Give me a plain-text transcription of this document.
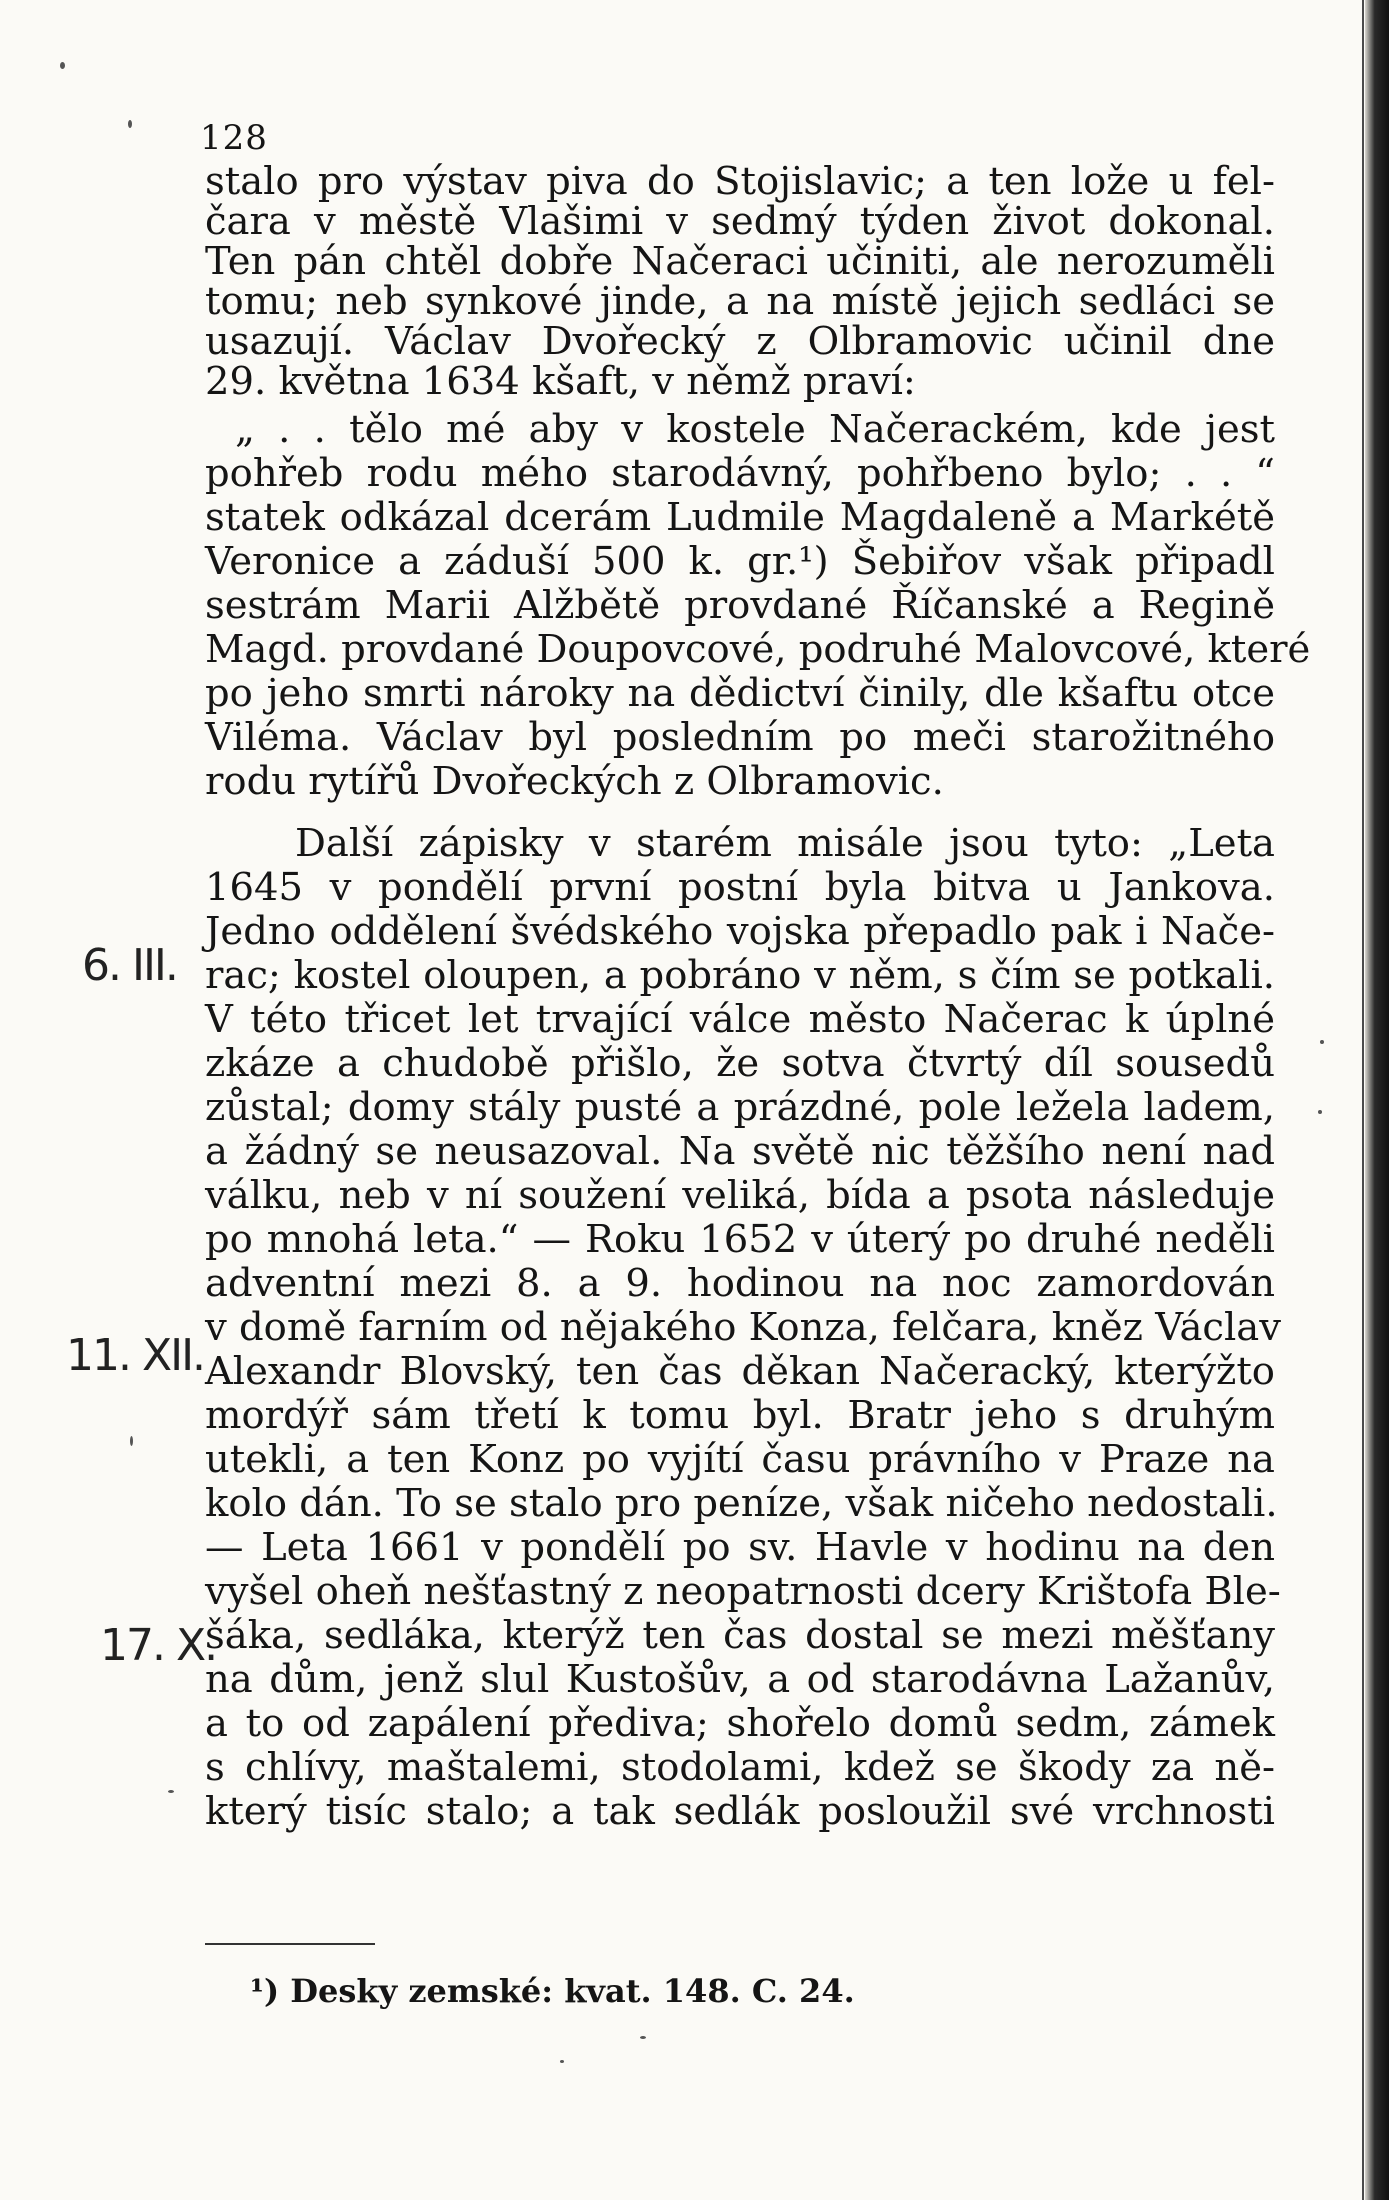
128
stalo pro výstav piva do Stojislavic; a ten lože u fel-
čara v městě Vlašimi v sedmý týden život dokonal.
Ten pán chtěl dobře Načeraci učiniti, ale nerozuměli
tomu; neb synkové jinde, a na místě jejich sedláci se
usazují. Václav Dvořecký z Olbramovic učinil dne
29. května 1634 kšaft, v němž praví:
„ . . tělo mé aby v kostele Načerackém, kde jest
pohřeb rodu mého starodávný, pohřbeno bylo; . . “
statek odkázal dcerám Ludmile Magdaleně a Markétě
Veronice a záduší 500 k. gr.¹) Šebiřov však připadl
sestrám Marii Alžbětě provdané Říčanské a Regině
Magd. provdané Doupovcové, podruhé Malovcové, které
po jeho smrti nároky na dědictví činily, dle kšaftu otce
Viléma. Václav byl posledním po meči starožitného
rodu rytířů Dvořeckých z Olbramovic.
Další zápisky v starém misále jsou tyto: „Leta
1645 v pondělí první postní byla bitva u Jankova.
Jedno oddělení švédského vojska přepadlo pak i Nače-
rac; kostel oloupen, a pobráno v něm, s čím se potkali.
V této třicet let trvající válce město Načerac k úplné
zkáze a chudobě přišlo, že sotva čtvrtý díl sousedů
zůstal; domy stály pusté a prázdné, pole ležela ladem,
a žádný se neusazoval. Na světě nic těžšího není nad
válku, neb v ní soužení veliká, bída a psota následuje
po mnohá leta.“ — Roku 1652 v úterý po druhé neděli
adventní mezi 8. a 9. hodinou na noc zamordován
v domě farním od nějakého Konza, felčara, kněz Václav
Alexandr Blovský, ten čas děkan Načeracký, kterýžto
mordýř sám třetí k tomu byl. Bratr jeho s druhým
utekli, a ten Konz po vyjítí času právního v Praze na
kolo dán. To se stalo pro peníze, však ničeho nedostali.
— Leta 1661 v pondělí po sv. Havle v hodinu na den
vyšel oheň nešťastný z neopatrnosti dcery Krištofa Ble-
šáka, sedláka, kterýž ten čas dostal se mezi měšťany
na dům, jenž slul Kustošův, a od starodávna Lažanův,
a to od zapálení přediva; shořelo domů sedm, zámek
s chlívy, maštalemi, stodolami, kdež se škody za ně-
který tisíc stalo; a tak sedlák posloužil své vrchnosti
6. III.
11. XII.
17. X.
¹) Desky zemské: kvat. 148. C. 24.
